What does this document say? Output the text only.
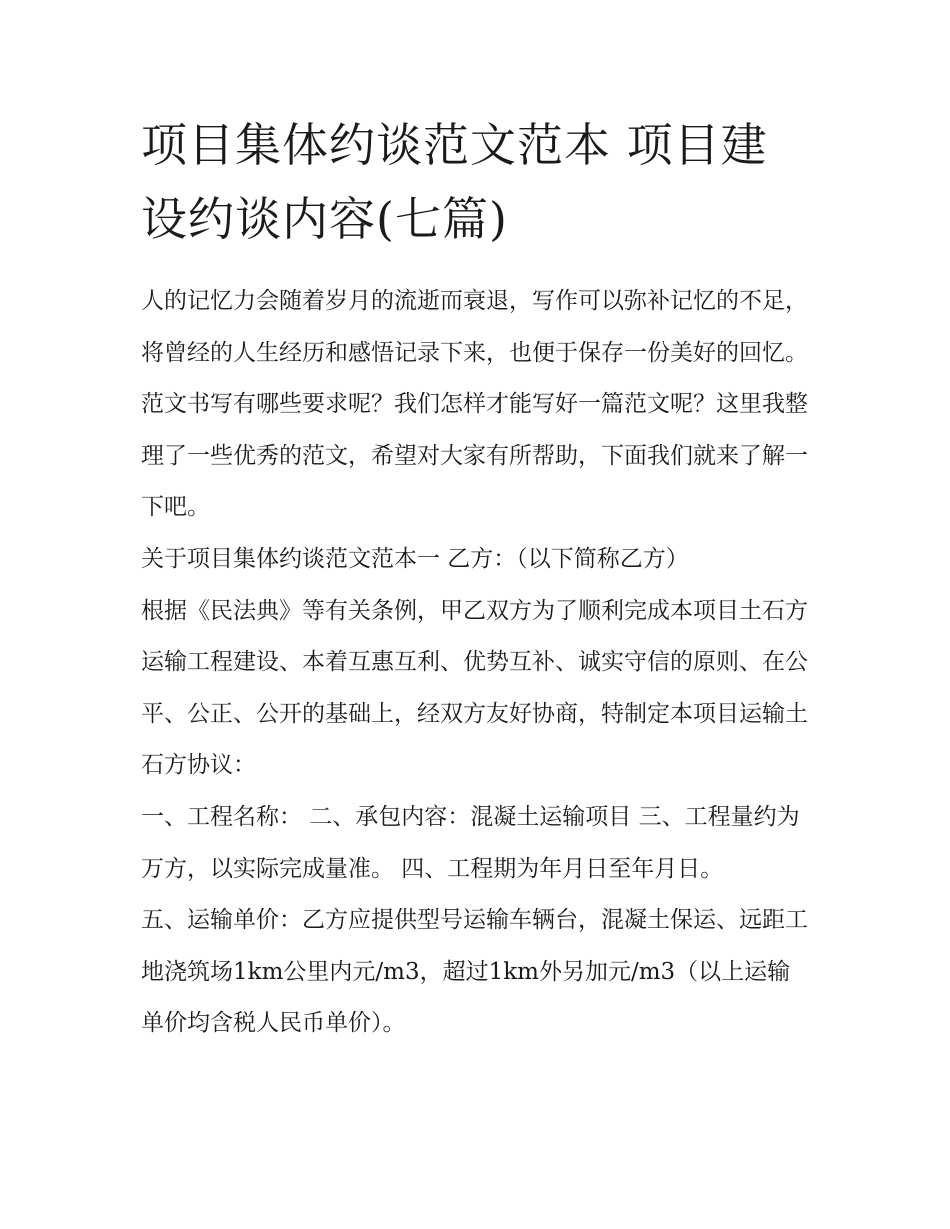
项目集体约谈范文范本 项目建设约谈内容(七篇)

人的记忆力会随着岁月的流逝而衰退，写作可以弥补记忆的不足，将曾经的人生经历和感悟记录下来，也便于保存一份美好的回忆。范文书写有哪些要求呢？我们怎样才能写好一篇范文呢？这里我整理了一些优秀的范文，希望对大家有所帮助，下面我们就来了解一下吧。

关于项目集体约谈范文范本一 乙方：（以下简称乙方）

根据《民法典》等有关条例，甲乙双方为了顺利完成本项目土石方运输工程建设、本着互惠互利、优势互补、诚实守信的原则、在公平、公正、公开的基础上，经双方友好协商，特制定本项目运输土石方协议：

一、工程名称： 二、承包内容：混凝土运输项目 三、工程量约为万方，以实际完成量准。 四、工程期为年月日至年月日。

五、运输单价：乙方应提供型号运输车辆台，混凝土保运、远距工地浇筑场1km公里内元/m3，超过1km外另加元/m3（以上运输单价均含税人民币单价）。
